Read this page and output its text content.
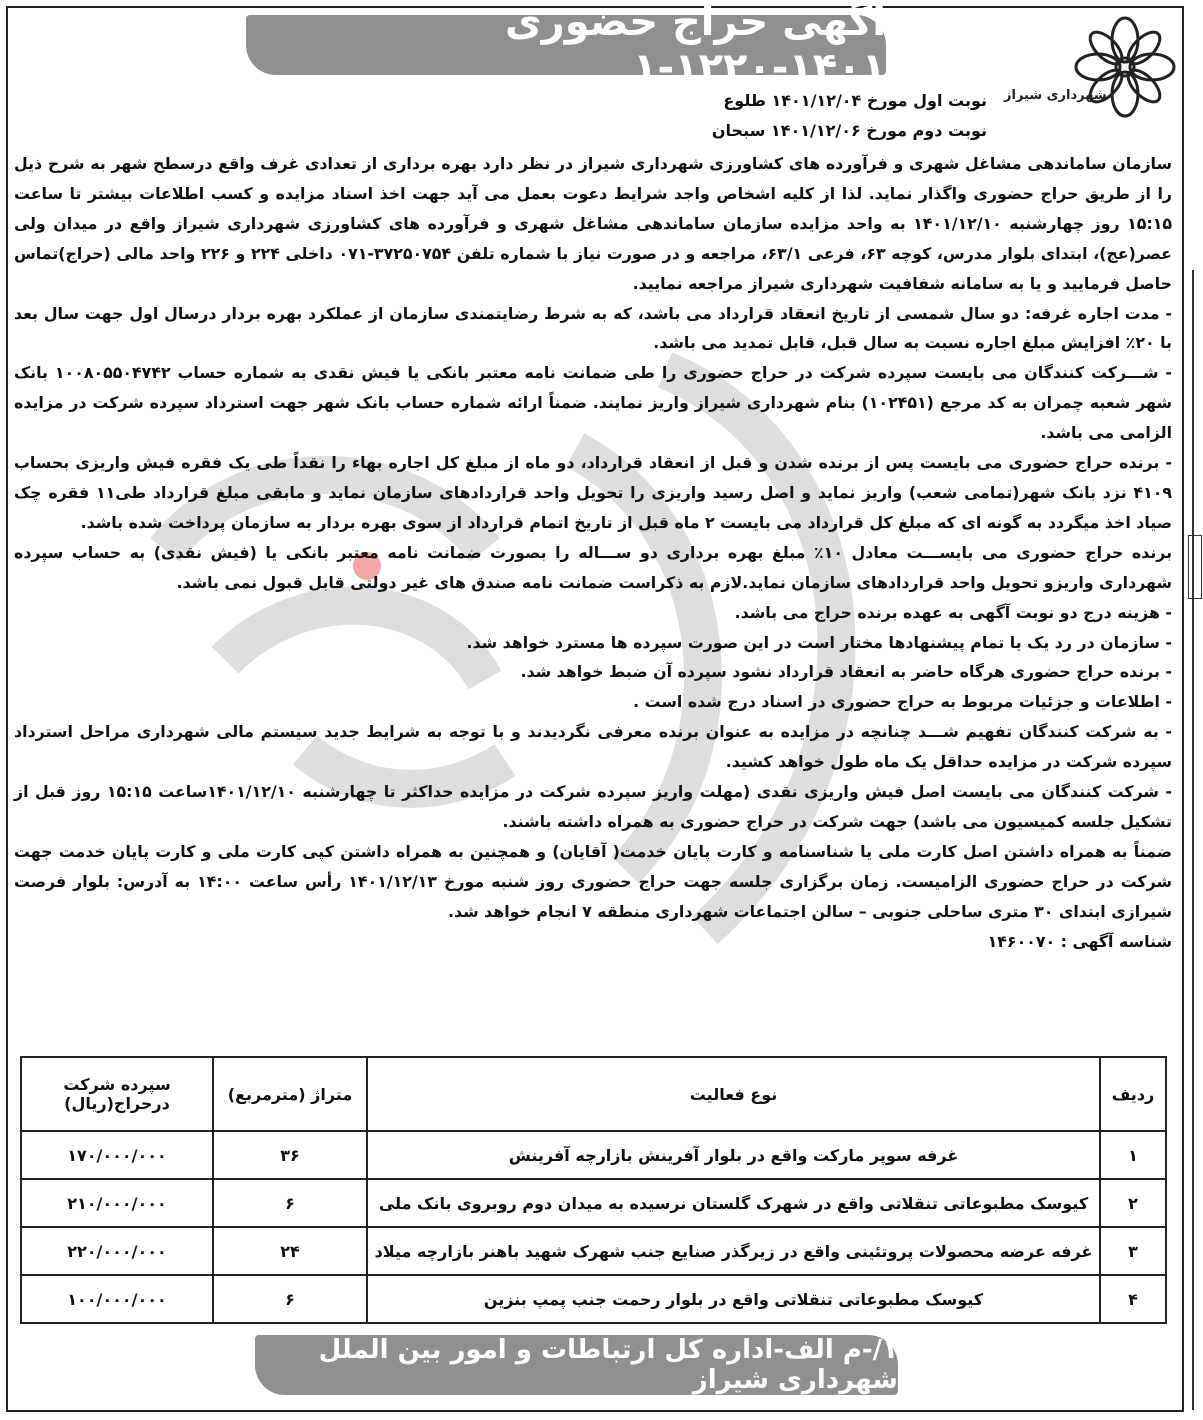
آگهی حراج حضوری ۱۴۰۱-۱۲۲۰-۱
شهرداری شیراز
نوبت اول مورخ ۱۴۰۱/۱۲/۰۴ طلوع
نوبت دوم مورخ ۱۴۰۱/۱۲/۰۶ سبحان

سازمان ساماندهی مشاغل شهری و فرآورده های کشاورزی شهرداری شیراز در نظر دارد بهره برداری از تعدادی غرف واقع درسطح شهر به شرح ذیل را از طریق حراج حضوری واگذار نماید. لذا از کلیه اشخاص واجد شرایط دعوت بعمل می آید جهت اخذ اسناد مزایده و کسب اطلاعات بیشتر تا ساعت ۱۵:۱۵ روز چهارشنبه ۱۴۰۱/۱۲/۱۰ به واحد مزایده سازمان ساماندهی مشاغل شهری و فرآورده های کشاورزی شهرداری شیراز واقع در میدان ولی عصر(عج)، ابتدای بلوار مدرس، کوچه ۶۳، فرعی ۶۳/۱، مراجعه و در صورت نیاز با شماره تلفن ۳۷۲۵۰۷۵۴-۰۷۱ داخلی ۲۲۴ و ۲۲۶ واحد مالی (حراج)تماس حاصل فرمایید و یا به سامانه شفافیت شهرداری شیراز مراجعه نمایید.

- مدت اجاره غرفه: دو سال شمسی از تاریخ انعقاد قرارداد می باشد، که به شرط رضایتمندی سازمان از عملکرد بهره بردار درسال اول جهت سال بعد با ۲۰٪ افزایش مبلغ اجاره نسبت به سال قبل، قابل تمدید می باشد.

- شـــرکت کنندگان می بایست سپرده شرکت در حراج حضوری را طی ضمانت نامه معتبر بانکی یا فیش نقدی به شماره حساب ۱۰۰۸۰۵۵۰۴۷۴۲ بانک شهر شعبه چمران به کد مرجع (۱۰۲۴۵۱) بنام شهرداری شیراز واریز نمایند. ضمناً ارائه شماره حساب بانک شهر جهت استرداد سپرده شرکت در مزایده الزامی می باشد.

- برنده حراج حضوری می بایست پس از برنده شدن و قبل از انعقاد قرارداد، دو ماه از مبلغ کل اجاره بهاء را نقداً طی یک فقره فیش واریزی بحساب ۴۱۰۹ نزد بانک شهر(تمامی شعب) واریز نماید و اصل رسید واریزی را تحویل واحد قراردادهای سازمان نماید و مابقی مبلغ قرارداد طی۱۱ فقره چک صیاد اخذ میگردد به گونه ای که مبلغ کل قرارداد می بایست ۲ ماه قبل از تاریخ اتمام قرارداد از سوی بهره بردار به سازمان پرداخت شده باشد.

برنده حراج حضوری می بایســـت معادل ۱۰٪ مبلغ بهره برداری دو ســـاله را بصورت ضمانت نامه معتبر بانکی یا (فیش نقدی) به حساب سپرده شهرداری واریزو تحویل واحد قراردادهای سازمان نماید.لازم به ذکراست ضمانت نامه صندق های غیر دولتی قابل قبول نمی باشد.

- هزینه درج دو نوبت آگهی به عهده برنده حراج می باشد.

- سازمان در رد یک یا تمام پیشنهادها مختار است در این صورت سپرده ها مسترد خواهد شد.

- برنده حراج حضوری هرگاه حاضر به انعقاد قرارداد نشود سپرده آن ضبط خواهد شد.

- اطلاعات و جزئیات مربوط به حراج حضوری در اسناد درج شده است .

- به شرکت کنندگان تفهیم شـــد چنانچه در مزایده به عنوان برنده معرفی نگردیدند و با توجه به شرایط جدید سیستم مالی شهرداری مراحل استرداد سپرده شرکت در مزایده حداقل یک ماه طول خواهد کشید.

- شرکت کنندگان می بایست اصل فیش واریزی نقدی (مهلت واریز سپرده شرکت در مزایده حداکثر تا چهارشنبه ۱۴۰۱/۱۲/۱۰ساعت ۱۵:۱۵ روز قبل از تشکیل جلسه کمیسیون می باشد) جهت شرکت در حراج حضوری به همراه داشته باشند.

ضمناً به همراه داشتن اصل کارت ملی یا شناسنامه و کارت پایان خدمت( آقایان) و همچنین به همراه داشتن کپی کارت ملی و کارت پایان خدمت جهت شرکت در حراج حضوری الزامیست. زمان برگزاری جلسه جهت حراج حضوری روز شنبه مورخ ۱۴۰۱/۱۲/۱۳ رأس ساعت ۱۴:۰۰ به آدرس: بلوار فرصت شیرازی ابتدای ۳۰ متری ساحلی جنوبی – سالن اجتماعات شهرداری منطقه ۷ انجام خواهد شد.

شناسه آگهی : ۱۴۶۰۰۷۰

ردیف	نوع فعالیت	متراژ (مترمربع)	سپرده شرکت
درحراج(ریال)

۱	غرفه سوپر مارکت واقع در بلوار آفرینش بازارچه آفرینش	۳۶	۱۷۰/۰۰۰/۰۰۰
۲	کیوسک مطبوعاتی تنقلاتی واقع در شهرک گلستان نرسیده به میدان دوم روبروی بانک ملی	۶	۲۱۰/۰۰۰/۰۰۰
۳	غرفه عرضه محصولات پروتئینی واقع در زیرگذر صنایع جنب شهرک شهید باهنر بازارچه میلاد	۲۴	۲۲۰/۰۰۰/۰۰۰
۴	کیوسک مطبوعاتی تنقلاتی واقع در بلوار رحمت جنب پمپ بنزین	۶	۱۰۰/۰۰۰/۰۰۰
۱/-م الف-اداره کل ارتباطات و امور بین الملل شهرداری شیراز
